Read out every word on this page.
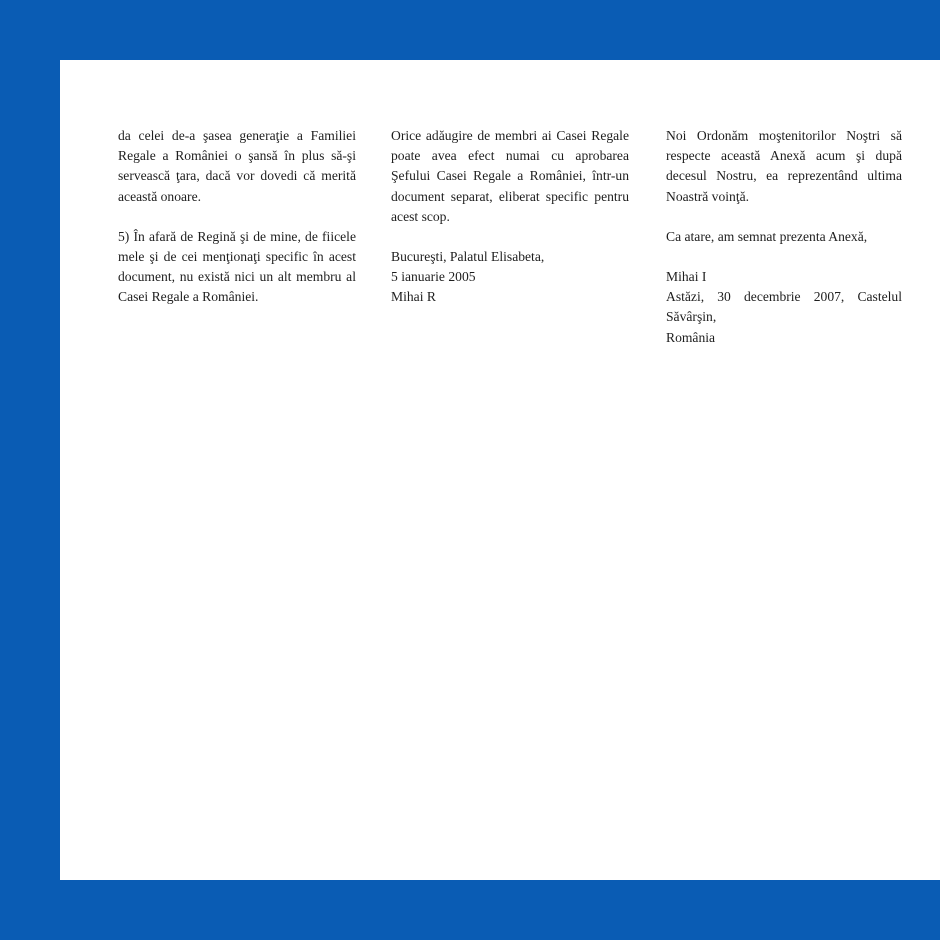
da celei de-a şasea generaţie a Familiei Regale a României o şansă în plus să-şi servească ţara, dacă vor dovedi că merită această onoare.

5) În afară de Regină şi de mine, de fiicele mele şi de cei menţionaţi specific în acest document, nu există nici un alt membru al Casei Regale a României.

Orice adăugire de membri ai Casei Regale poate avea efect numai cu aprobarea Şefului Casei Regale a României, într-un document separat, eliberat specific pentru acest scop.

Bucureşti, Palatul Elisabeta,

5 ianuarie 2005

Mihai R

Noi Ordonăm moştenitorilor Noştri să respecte această Anexă acum şi după decesul Nostru, ea reprezentând ultima Noastră voinţă.

Ca atare, am semnat prezenta Anexă,

Mihai I

Astăzi, 30 decembrie 2007, Castelul Săvârşin,

România
